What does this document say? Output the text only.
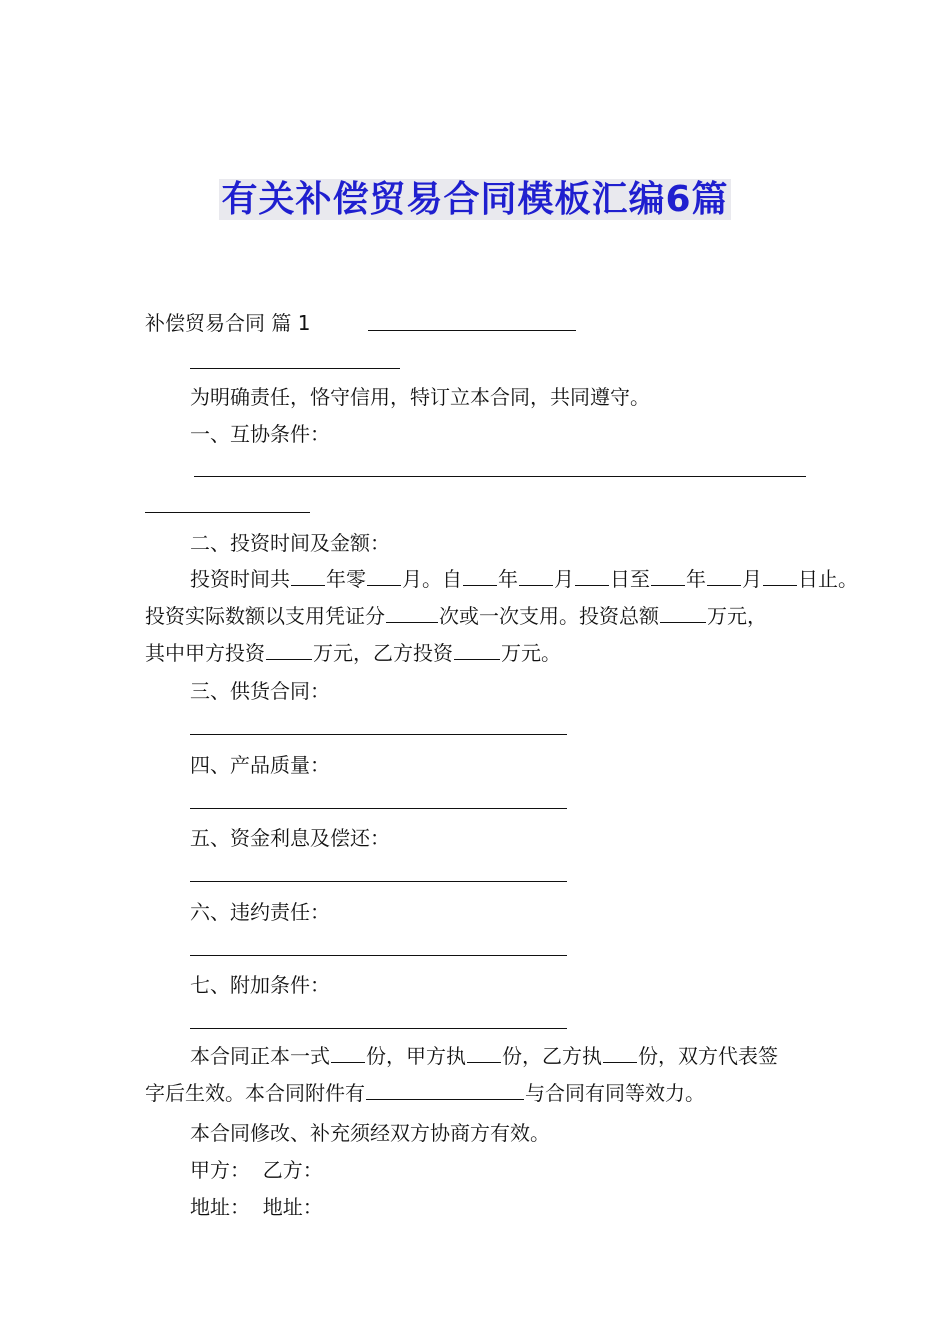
有关补偿贸易合同模板汇编6篇
补偿贸易合同 篇 1
为明确责任，恪守信用，特订立本合同，共同遵守。
一、互协条件：
二、投资时间及金额：
投资时间共 年零 月。自 年 月 日至 年 月 日止。
投资实际数额以支用凭证分	次或一次支用。投资总额 万元，
其中甲方投资 万元，乙方投资 万元。
三、供货合同：
四、产品质量：
五、资金利息及偿还：
六、违约责任：
七、附加条件：
本合同正本一式 份，甲方执 份，乙方执 份，双方代表签
字后生效。本合同附件有	与合同有同等效力。
本合同修改、补充须经双方协商方有效。
甲方：  乙方：
地址：  地址：
